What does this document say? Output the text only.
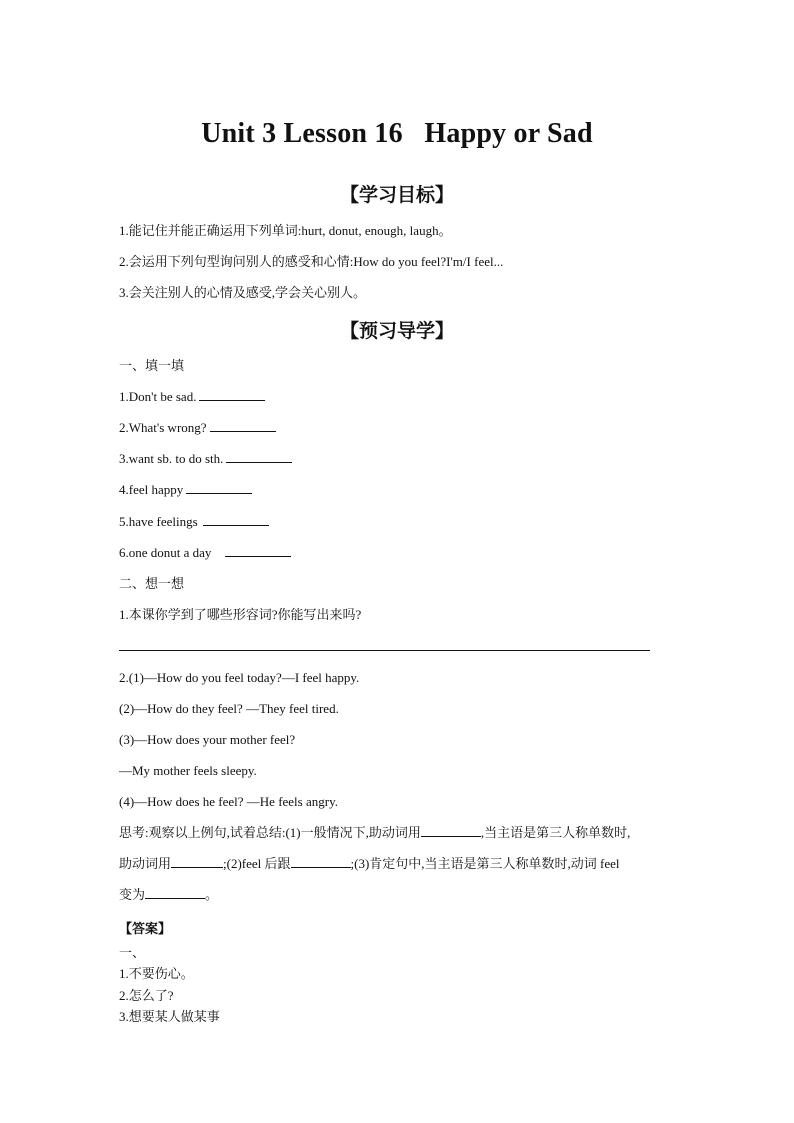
Unit 3 Lesson 16   Happy or Sad
【学习目标】
1.能记住并能正确运用下列单词:hurt, donut, enough, laugh。
2.会运用下列句型询问别人的感受和心情:How do you feel?I'm/I feel...
3.会关注别人的心情及感受,学会关心别人。
【预习导学】
一、填一填
1.Don't be sad.
2.What's wrong?
3.want sb. to do sth.
4.feel happy
5.have feelings
6.one donut a day
二、想一想
1.本课你学到了哪些形容词?你能写出来吗?
2.(1)—How do you feel today?—I feel happy.
(2)—How do they feel? —They feel tired.
(3)—How does your mother feel?
—My mother feels sleepy.
(4)—How does he feel? —He feels angry.
思考:观察以上例句,试着总结:(1)一般情况下,助动词用	,当主语是第三人称单数时,
助动词用	;(2)feel 后跟	;(3)肯定句中,当主语是第三人称单数时,动词 feel
变为	。
【答案】
一、
1.不要伤心。
2.怎么了?
3.想要某人做某事
